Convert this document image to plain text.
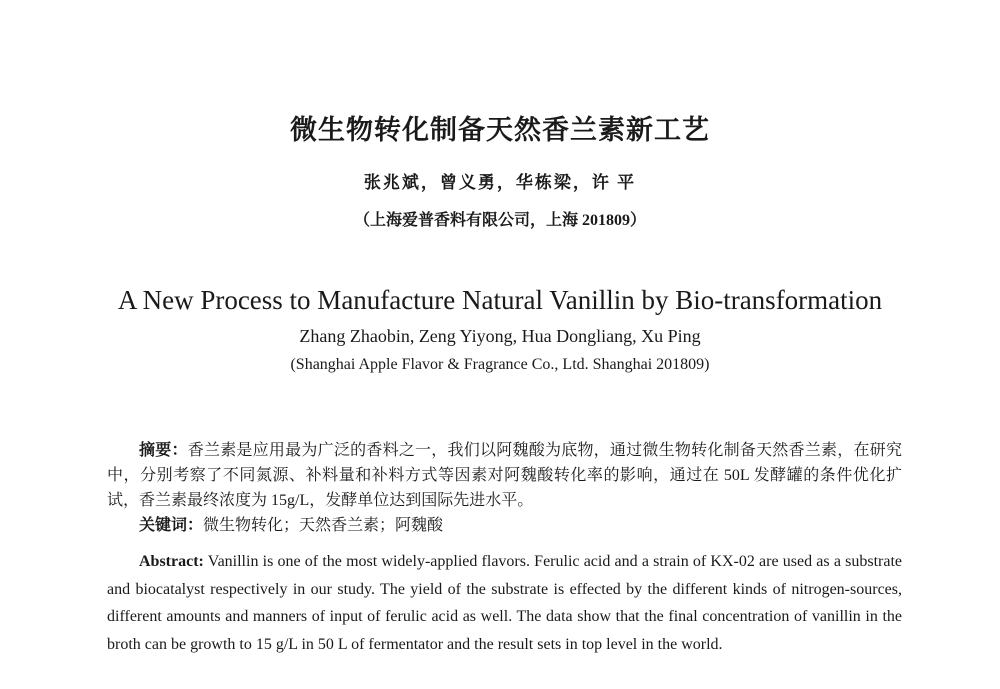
微生物转化制备天然香兰素新工艺
张兆斌，曾义勇，华栋梁，许 平
（上海爱普香料有限公司，上海 201809）
A New Process to Manufacture Natural Vanillin by Bio-transformation
Zhang Zhaobin, Zeng Yiyong, Hua Dongliang, Xu Ping
(Shanghai Apple Flavor & Fragrance Co., Ltd. Shanghai 201809)
摘要：香兰素是应用最为广泛的香料之一，我们以阿魏酸为底物，通过微生物转化制备天然香兰素，在研究中，分别考察了不同氮源、补料量和补料方式等因素对阿魏酸转化率的影响，通过在 50L 发酵罐的条件优化扩试，香兰素最终浓度为 15g/L，发酵单位达到国际先进水平。
关键词：微生物转化；天然香兰素；阿魏酸
Abstract: Vanillin is one of the most widely-applied flavors. Ferulic acid and a strain of KX-02 are used as a substrate and biocatalyst respectively in our study. The yield of the substrate is effected by the different kinds of nitrogen-sources, different amounts and manners of input of ferulic acid as well. The data show that the final concentration of vanillin in the broth can be growth to 15 g/L in 50 L of fermentator and the result sets in top level in the world.
